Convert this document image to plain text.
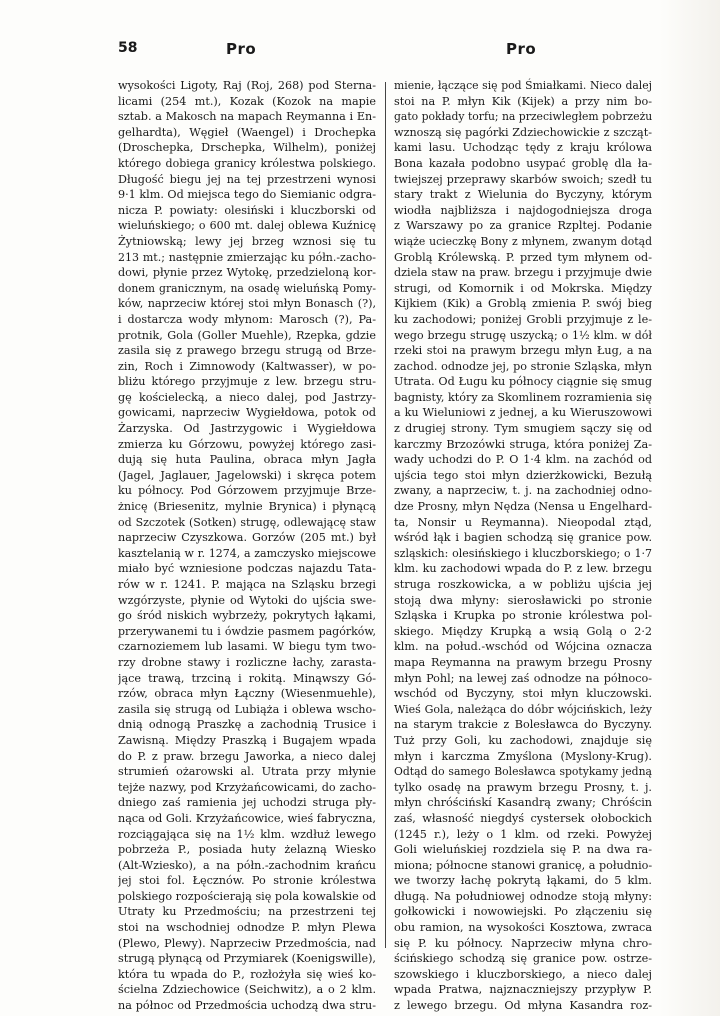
58	Pro	Pro
wysokości Ligoty, Raj (Roj, 268) pod Sterna-
licami (254 mt.), Kozak (Kozok na mapie
sztab. a Makosch na mapach Reymanna i En-
gelhardta), Węgieł (Waengel) i Drochepka
(Droschepka, Drschepka, Wilhelm), poniżej
którego dobiega granicy królestwa polskiego.
Długość biegu jej na tej przestrzeni wynosi
9·1 klm. Od miejsca tego do Siemianic odgra-
nicza P. powiaty: olesiński i kluczborski od
wieluńskiego; o 600 mt. dalej oblewa Kuźnicę
Żytniowską; lewy jej brzeg wznosi się tu
213 mt.; następnie zmierzając ku półn.-zacho-
dowi, płynie przez Wytokę, przedzieloną kor-
donem granicznym, na osadę wieluńską Pomy-
ków, naprzeciw której stoi młyn Bonasch (?),
i dostarcza wody młynom: Marosch (?), Pa-
protnik, Gola (Goller Muehle), Rzepka, gdzie
zasila się z prawego brzegu strugą od Brze-
zin, Roch i Zimnowody (Kaltwasser), w po-
bliżu którego przyjmuje z lew. brzegu stru-
gę kościelecką, a nieco dalej, pod Jastrzy-
gowicami, naprzeciw Wygiełdowa, potok od
Żarzyska. Od Jastrzygowic i Wygiełdowa
zmierza ku Górzowu, powyżej którego zasi-
dują się huta Paulina, obraca młyn Jagła
(Jagel, Jaglauer, Jagelowski) i skręca potem
ku północy. Pod Górzowem przyjmuje Brze-
żnicę (Briesenitz, mylnie Brynica) i płynącą
od Szczotek (Sotken) strugę, odlewającę staw
naprzeciw Czyszkowa. Gorzów (205 mt.) był
kasztelanią w r. 1274, a zamczysko miejscowe
miało być wzniesione podczas najazdu Tata-
rów w r. 1241. P. mająca na Szląsku brzegi
wzgórzyste, płynie od Wytoki do ujścia swe-
go śród niskich wybrzeży, pokrytych łąkami,
przerywanemi tu i ówdzie pasmem pagórków,
czarnoziemem lub lasami. W biegu tym two-
rzy drobne stawy i rozliczne łachy, zarasta-
jące trawą, trzciną i rokitą. Minąwszy Gó-
rzów, obraca młyn Łączny (Wiesenmuehle),
zasila się strugą od Lubiąża i oblewa wscho-
dnią odnogą Praszkę a zachodnią Trusice i
Zawisną. Między Praszką i Bugajem wpada
do P. z praw. brzegu Jaworka, a nieco dalej
strumień ożarowski al. Utrata przy młynie
tejże nazwy, pod Krzyżańcowicami, do zacho-
dniego zaś ramienia jej uchodzi struga pły-
nąca od Goli. Krzyżańcowice, wieś fabryczna,
rozciągająca się na 1½ klm. wzdłuż lewego
pobrzeża P., posiada huty żelazną Wiesko
(Alt-Wziesko), a na półn.-zachodnim krańcu
jej stoi fol. Łęcznów. Po stronie królestwa
polskiego rozpościerają się pola kowalskie od
Utraty ku Przedmościu; na przestrzeni tej
stoi na wschodniej odnodze P. młyn Plewa
(Plewo, Plewy). Naprzeciw Przedmościa, nad
strugą płynącą od Przymiarek (Koenigswille),
która tu wpada do P., rozłożyła się wieś ko-
ścielna Zdziechowice (Seichwitz), a o 2 klm.
na północ od Przedmościa uchodzą dwa stru-
mienie, łączące się pod Śmiałkami. Nieco dalej
stoi na P. młyn Kik (Kijek) a przy nim bo-
gato pokłady torfu; na przeciwległem pobrzeżu
wznoszą się pagórki Zdziechowickie z szcząt-
kami lasu. Uchodząc tędy z kraju królowa
Bona kazała podobno usypać groblę dla ła-
twiejszej przeprawy skarbów swoich; szedł tu
stary trakt z Wielunia do Byczyny, którym
wiodła najbliższa i najdogodniejsza droga
z Warszawy po za granice Rzpltej. Podanie
wiąże ucieczkę Bony z młynem, zwanym dotąd
Groblą Królewską. P. przed tym młynem od-
dziela staw na praw. brzegu i przyjmuje dwie
strugi, od Komornik i od Mokrska. Między
Kijkiem (Kik) a Groblą zmienia P. swój bieg
ku zachodowi; poniżej Grobli przyjmuje z le-
wego brzegu strugę uszycką; o 1½ klm. w dół
rzeki stoi na prawym brzegu młyn Ług, a na
zachod. odnodze jej, po stronie Szląska, młyn
Utrata. Od Ługu ku północy ciągnie się smug
bagnisty, który za Skomlinem rozramienia się
a ku Wieluniowi z jednej, a ku Wieruszowowi
z drugiej strony. Tym smugiem sączy się od
karczmy Brzozówki struga, która poniżej Za-
wady uchodzi do P. O 1·4 klm. na zachód od
ujścia tego stoi młyn dzierżkowicki, Bezułą
zwany, a naprzeciw, t. j. na zachodniej odno-
dze Prosny, młyn Nędza (Nensa u Engelhard-
ta, Nonsir u Reymanna). Nieopodal ztąd,
wśród łąk i bagien schodzą się granice pow.
szląskich: olesińskiego i kluczborskiego; o 1·7
klm. ku zachodowi wpada do P. z lew. brzegu
struga roszkowicka, a w pobliżu ujścia jej
stoją dwa młyny: sierosławicki po stronie
Szląska i Krupka po stronie królestwa pol-
skiego. Między Krupką a wsią Golą o 2·2
klm. na połud.-wschód od Wójcina oznacza
mapa Reymanna na prawym brzegu Prosny
młyn Pohl; na lewej zaś odnodze na północo-
wschód od Byczyny, stoi młyn kluczowski.
Wieś Gola, należąca do dóbr wójcińskich, leży
na starym trakcie z Bolesławca do Byczyny.
Tuż przy Goli, ku zachodowi, znajduje się
młyn i karczma Zmyślona (Myslony-Krug).
Odtąd do samego Bolesławca spotykamy jedną
tylko osadę na prawym brzegu Prosny, t. j.
młyn chróścińskí Kasandrą zwany; Chróścin
zaś, własność niegdyś cystersek ołobockich
(1245 r.), leży o 1 klm. od rzeki. Powyżej
Goli wieluńskiej rozdziela się P. na dwa ra-
miona; północne stanowi granicę, a południo-
we tworzy łachę pokrytą łąkami, do 5 klm.
długą. Na południowej odnodze stoją młyny:
gołkowicki i nowowiejski. Po złączeniu się
obu ramion, na wysokości Kosztowa, zwraca
się P. ku północy. Naprzeciw młyna chro-
ścińskiego schodzą się granice pow. ostrze-
szowskiego i kluczborskiego, a nieco dalej
wpada Pratwa, najznaczniejszy przypływ P.
z lewego brzegu. Od młyna Kasandra roz-
